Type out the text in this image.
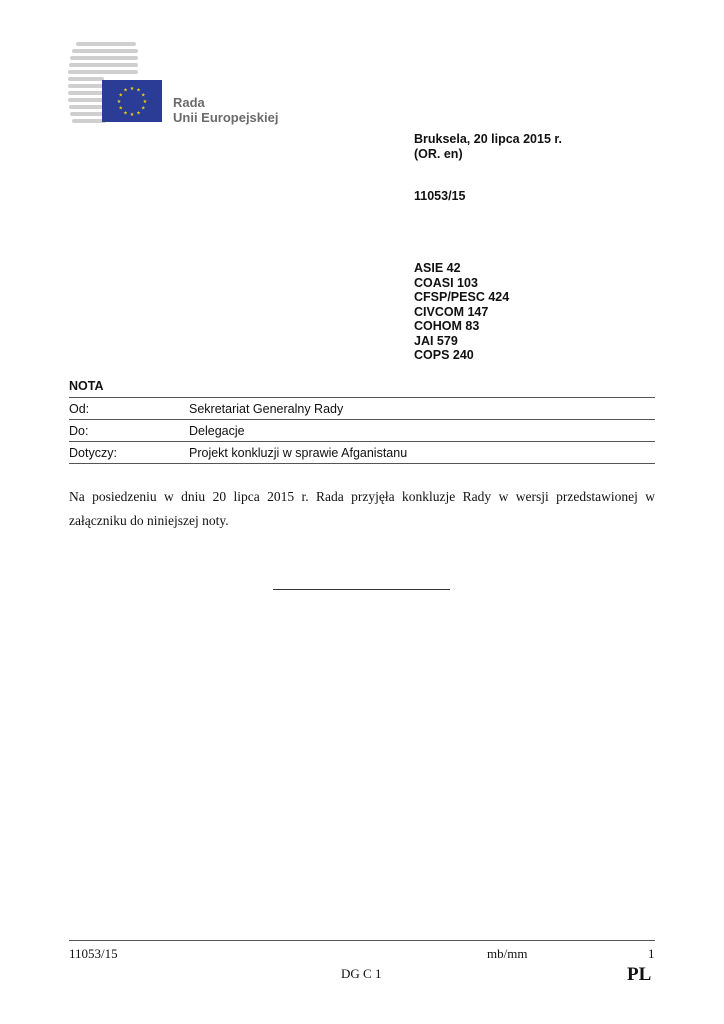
★ ★
★
★
★
★
★
★
★
★
★
★
Rada
Unii Europejskiej
Bruksela, 20 lipca 2015 r.
(OR. en)
11053/15
ASIE 42
COASI 103
CFSP/PESC 424
CIVCOM 147
COHOM 83
JAI 579
COPS 240
NOTA
Od:	Sekretariat Generalny Rady
Do:	Delegacje
Dotyczy:	Projekt konkluzji w sprawie Afganistanu
Na posiedzeniu w dniu 20 lipca 2015 r. Rada przyjęła konkluzje Rady w wersji przedstawionej w załączniku do niniejszej noty.
11053/15	mb/mm	1
DG C 1	PL
